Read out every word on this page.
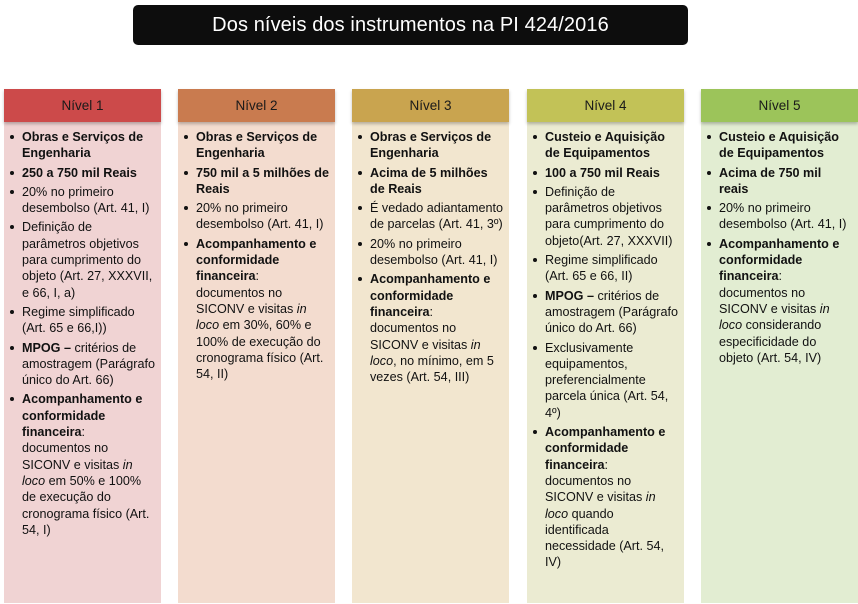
Dos níveis dos instrumentos na PI 424/2016
Nível 1
Obras e Serviços de Engenharia
250 a 750 mil Reais
20% no primeiro desembolso (Art. 41, I)
Definição de parâmetros objetivos para cumprimento do objeto (Art. 27, XXXVII, e 66, I, a)
Regime simplificado (Art. 65 e 66,I))
MPOG – critérios de amostragem (Parágrafo único do Art. 66)
Acompanhamento e conformidade financeira: documentos no SICONV e visitas in loco em 50% e 100% de execução do cronograma físico (Art. 54, I)
Nível 2
Obras e Serviços de Engenharia
750 mil a 5 milhões de Reais
20% no primeiro desembolso (Art. 41, I)
Acompanhamento e conformidade financeira: documentos no SICONV e visitas in loco em 30%, 60% e 100% de execução do cronograma físico (Art. 54, II)
Nível 3
Obras e Serviços de Engenharia
Acima de 5 milhões de Reais
É vedado adiantamento de parcelas (Art. 41, 3º)
20% no primeiro desembolso (Art. 41, I)
Acompanhamento e conformidade financeira: documentos no SICONV e visitas in loco, no mínimo, em 5 vezes (Art. 54, III)
Nível 4
Custeio e Aquisição de Equipamentos
100 a 750 mil Reais
Definição de parâmetros objetivos para cumprimento do objeto(Art. 27, XXXVII)
Regime simplificado (Art. 65 e 66, II)
MPOG – critérios de amostragem (Parágrafo único do Art. 66)
Exclusivamente equipamentos, preferencialmente parcela única (Art. 54, 4º)
Acompanhamento e conformidade financeira: documentos no SICONV e visitas in loco quando identificada necessidade (Art. 54, IV)
Nível 5
Custeio e Aquisição de Equipamentos
Acima de 750 mil reais
20% no primeiro desembolso (Art. 41, I)
Acompanhamento e conformidade financeira: documentos no SICONV e visitas in loco considerando especificidade do objeto (Art. 54, IV)
